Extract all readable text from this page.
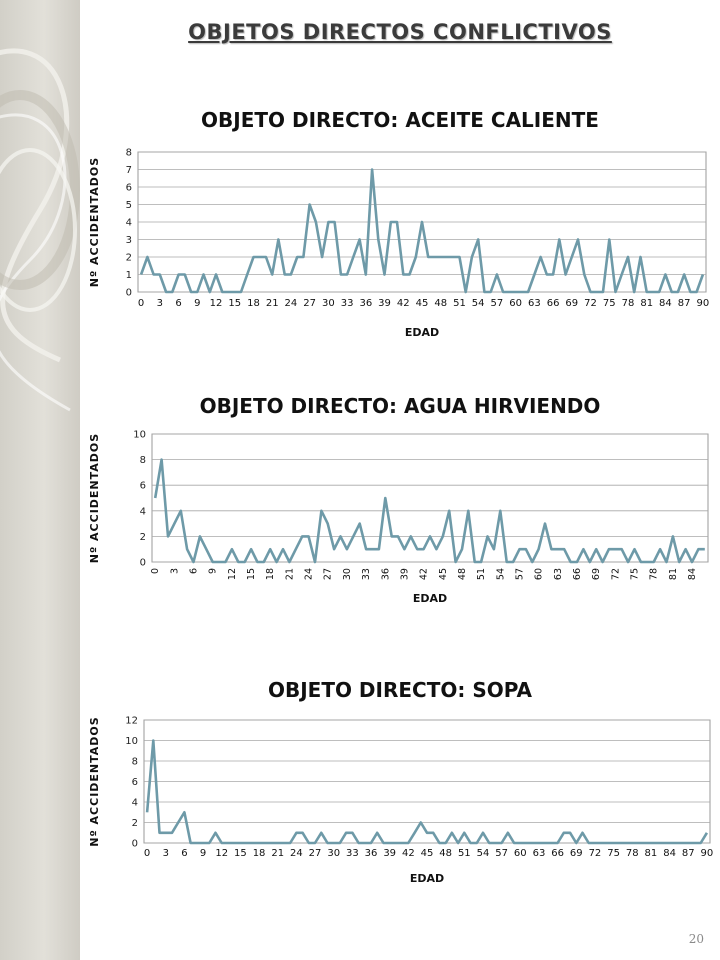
OBJETOS DIRECTOS CONFLICTIVOS
OBJETO DIRECTO: ACEITE CALIENTE
0
1
2
3
4
5
6
7
8
0 3 6 9 12 15 18 21 24 27 30 33 36 39 42 45 48 51 54 57 60 63 66 69 72 75 78 81 84 87 90
EDAD
Nº ACCIDENTADOS
OBJETO DIRECTO: AGUA HIRVIENDO
0
2
4
6
8
10
0 3 6 9 12 15 18 21 24 27 30 33 36 39 42 45 48 51 54 57 60 63 66 69 72 75 78 81 84
EDAD
Nº ACCIDENTADOS
OBJETO DIRECTO: SOPA
0
2
4
6
8
10
12
0 3 6 9 12 15 18 21 24 27 30 33 36 39 42 45 48 51 54 57 60 63 66 69 72 75 78 81 84 87 90
EDAD
Nº ACCIDENTADOS
20
